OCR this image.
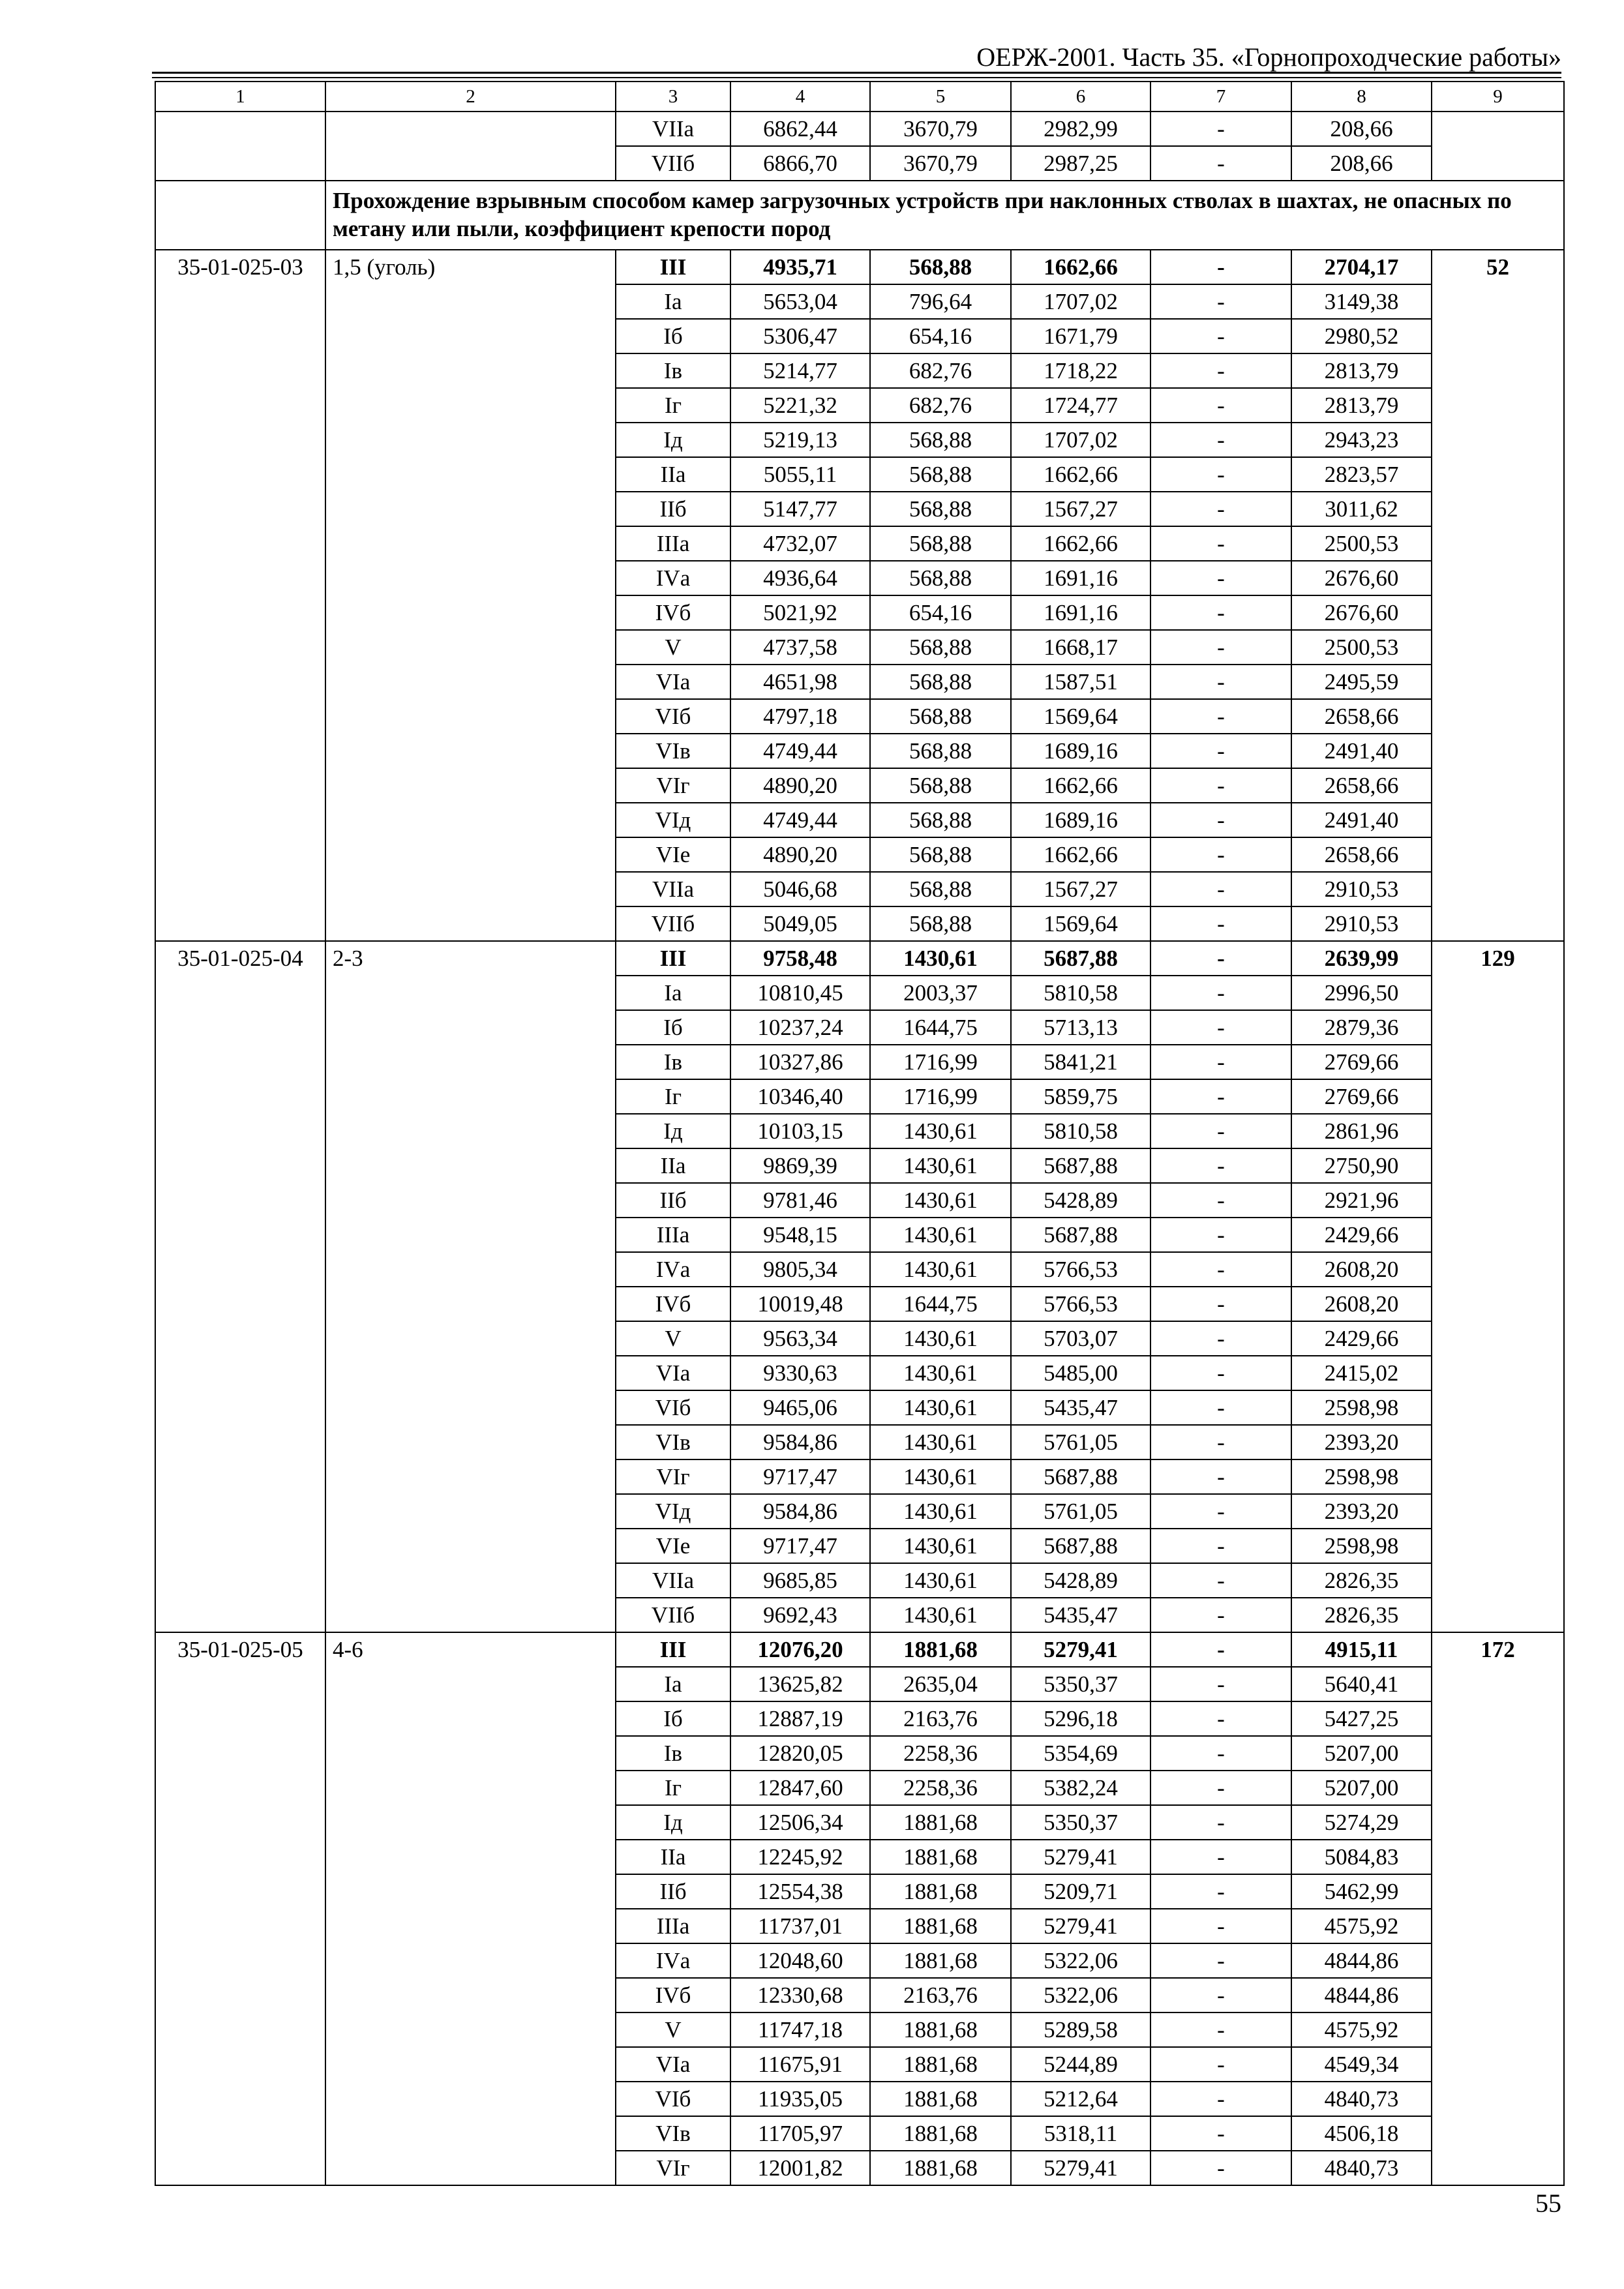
ОЕРЖ-2001. Часть 35. «Горнопроходческие работы»
1	2	3	4	5	6	7	8	9
		VIIа	6862,44	3670,79	2982,99	-	208,66	
		VIIб	6866,70	3670,79	2987,25	-	208,66	
	Прохождение взрывным способом камер загрузочных устройств при наклонных стволах в шахтах, не опасных по метану или пыли, коэффициент крепости пород							
35-01-025-03	1,5 (уголь)	III	4935,71	568,88	1662,66	-	2704,17	52
		Iа	5653,04	796,64	1707,02	-	3149,38	
		Iб	5306,47	654,16	1671,79	-	2980,52	
		Iв	5214,77	682,76	1718,22	-	2813,79	
		Iг	5221,32	682,76	1724,77	-	2813,79	
		Iд	5219,13	568,88	1707,02	-	2943,23	
		IIа	5055,11	568,88	1662,66	-	2823,57	
		IIб	5147,77	568,88	1567,27	-	3011,62	
		IIIа	4732,07	568,88	1662,66	-	2500,53	
		IVа	4936,64	568,88	1691,16	-	2676,60	
		IVб	5021,92	654,16	1691,16	-	2676,60	
		V	4737,58	568,88	1668,17	-	2500,53	
		VIа	4651,98	568,88	1587,51	-	2495,59	
		VIб	4797,18	568,88	1569,64	-	2658,66	
		VIв	4749,44	568,88	1689,16	-	2491,40	
		VIг	4890,20	568,88	1662,66	-	2658,66	
		VIд	4749,44	568,88	1689,16	-	2491,40	
		VIе	4890,20	568,88	1662,66	-	2658,66	
		VIIа	5046,68	568,88	1567,27	-	2910,53	
		VIIб	5049,05	568,88	1569,64	-	2910,53	
35-01-025-04	2-3	III	9758,48	1430,61	5687,88	-	2639,99	129
		Iа	10810,45	2003,37	5810,58	-	2996,50	
		Iб	10237,24	1644,75	5713,13	-	2879,36	
		Iв	10327,86	1716,99	5841,21	-	2769,66	
		Iг	10346,40	1716,99	5859,75	-	2769,66	
		Iд	10103,15	1430,61	5810,58	-	2861,96	
		IIа	9869,39	1430,61	5687,88	-	2750,90	
		IIб	9781,46	1430,61	5428,89	-	2921,96	
		IIIа	9548,15	1430,61	5687,88	-	2429,66	
		IVа	9805,34	1430,61	5766,53	-	2608,20	
		IVб	10019,48	1644,75	5766,53	-	2608,20	
		V	9563,34	1430,61	5703,07	-	2429,66	
		VIа	9330,63	1430,61	5485,00	-	2415,02	
		VIб	9465,06	1430,61	5435,47	-	2598,98	
		VIв	9584,86	1430,61	5761,05	-	2393,20	
		VIг	9717,47	1430,61	5687,88	-	2598,98	
		VIд	9584,86	1430,61	5761,05	-	2393,20	
		VIе	9717,47	1430,61	5687,88	-	2598,98	
		VIIа	9685,85	1430,61	5428,89	-	2826,35	
		VIIб	9692,43	1430,61	5435,47	-	2826,35	
35-01-025-05	4-6	III	12076,20	1881,68	5279,41	-	4915,11	172
		Iа	13625,82	2635,04	5350,37	-	5640,41	
		Iб	12887,19	2163,76	5296,18	-	5427,25	
		Iв	12820,05	2258,36	5354,69	-	5207,00	
		Iг	12847,60	2258,36	5382,24	-	5207,00	
		Iд	12506,34	1881,68	5350,37	-	5274,29	
		IIа	12245,92	1881,68	5279,41	-	5084,83	
		IIб	12554,38	1881,68	5209,71	-	5462,99	
		IIIа	11737,01	1881,68	5279,41	-	4575,92	
		IVа	12048,60	1881,68	5322,06	-	4844,86	
		IVб	12330,68	2163,76	5322,06	-	4844,86	
		V	11747,18	1881,68	5289,58	-	4575,92	
		VIа	11675,91	1881,68	5244,89	-	4549,34	
		VIб	11935,05	1881,68	5212,64	-	4840,73	
		VIв	11705,97	1881,68	5318,11	-	4506,18	
		VIг	12001,82	1881,68	5279,41	-	4840,73	
55
